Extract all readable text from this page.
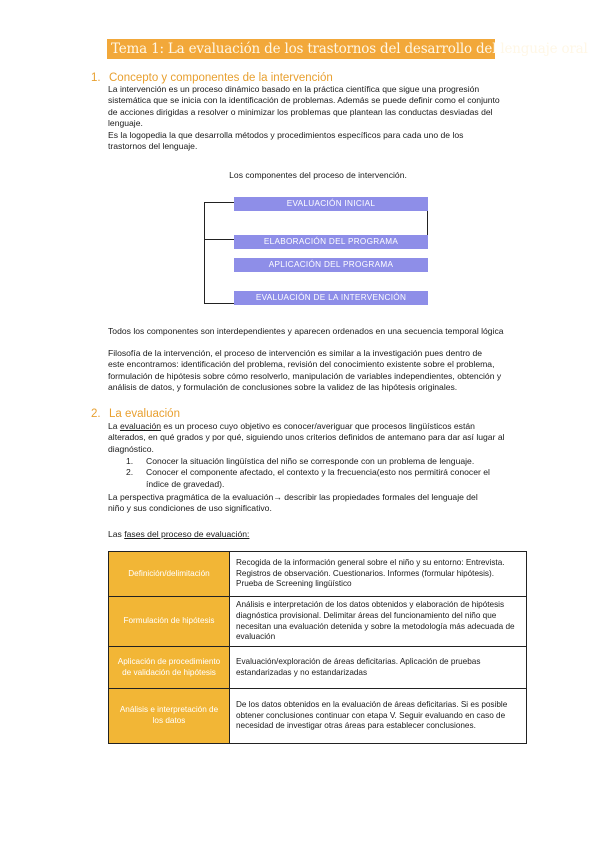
Tema 1: La evaluación de los trastornos del desarrollo del lenguaje oral
1. Concepto y componentes de la intervención
La intervención es un proceso dinámico basado en la práctica científica que sigue una progresión
sistemática que se inicia con la identificación de problemas. Además se puede definir como el conjunto
de acciones dirigidas a resolver o minimizar los problemas que plantean las conductas desviadas del
lenguaje.
Es la logopedia la que desarrolla métodos y procedimientos específicos para cada uno de los
trastornos del lenguaje.
Los componentes del proceso de intervención.
EVALUACIÓN INICIAL
ELABORACIÓN DEL PROGRAMA
APLICACIÓN DEL PROGRAMA
EVALUACIÓN DE LA INTERVENCIÓN
Todos los componentes son interdependientes y aparecen ordenados en una secuencia temporal lógica
Filosofía de la intervención, el proceso de intervención es similar a la investigación pues dentro de
este encontramos: identificación del problema, revisión del conocimiento existente sobre el problema,
formulación de hipótesis sobre cómo resolverlo, manipulación de variables independientes, obtención y
análisis de datos, y formulación de conclusiones sobre la validez de las hipótesis originales.
2. La evaluación
La evaluación es un proceso cuyo objetivo es conocer/averiguar que procesos lingüísticos están
alterados, en qué grados y por qué, siguiendo unos criterios definidos de antemano para dar así lugar al
diagnóstico.
1. Conocer la situación lingüística del niño se corresponde con un problema de lenguaje.
2. Conocer el componente afectado, el contexto y la frecuencia(esto nos permitirá conocer el
índice de gravedad).
La perspectiva pragmática de la evaluación→ describir las propiedades formales del lenguaje del
niño y sus condiciones de uso significativo.
Las fases del proceso de evaluación:
Definición/delimitación	Recogida de la información general sobre el niño y su entorno: Entrevista. Registros de observación. Cuestionarios. Informes (formular hipótesis). Prueba de Screening lingüístico
Formulación de hipótesis	Análisis e interpretación de los datos obtenidos y elaboración de hipótesis diagnóstica provisional. Delimitar áreas del funcionamiento del niño que necesitan una evaluación detenida y sobre la metodología más adecuada de evaluación
Aplicación de procedimiento de validación de hipótesis	Evaluación/exploración de áreas deficitarias. Aplicación de pruebas estandarizadas y no estandarizadas
Análisis e interpretación de los datos	De los datos obtenidos en la evaluación de áreas deficitarias. Si es posible obtener conclusiones continuar con etapa V. Seguir evaluando en caso de necesidad de investigar otras áreas para establecer conclusiones.
